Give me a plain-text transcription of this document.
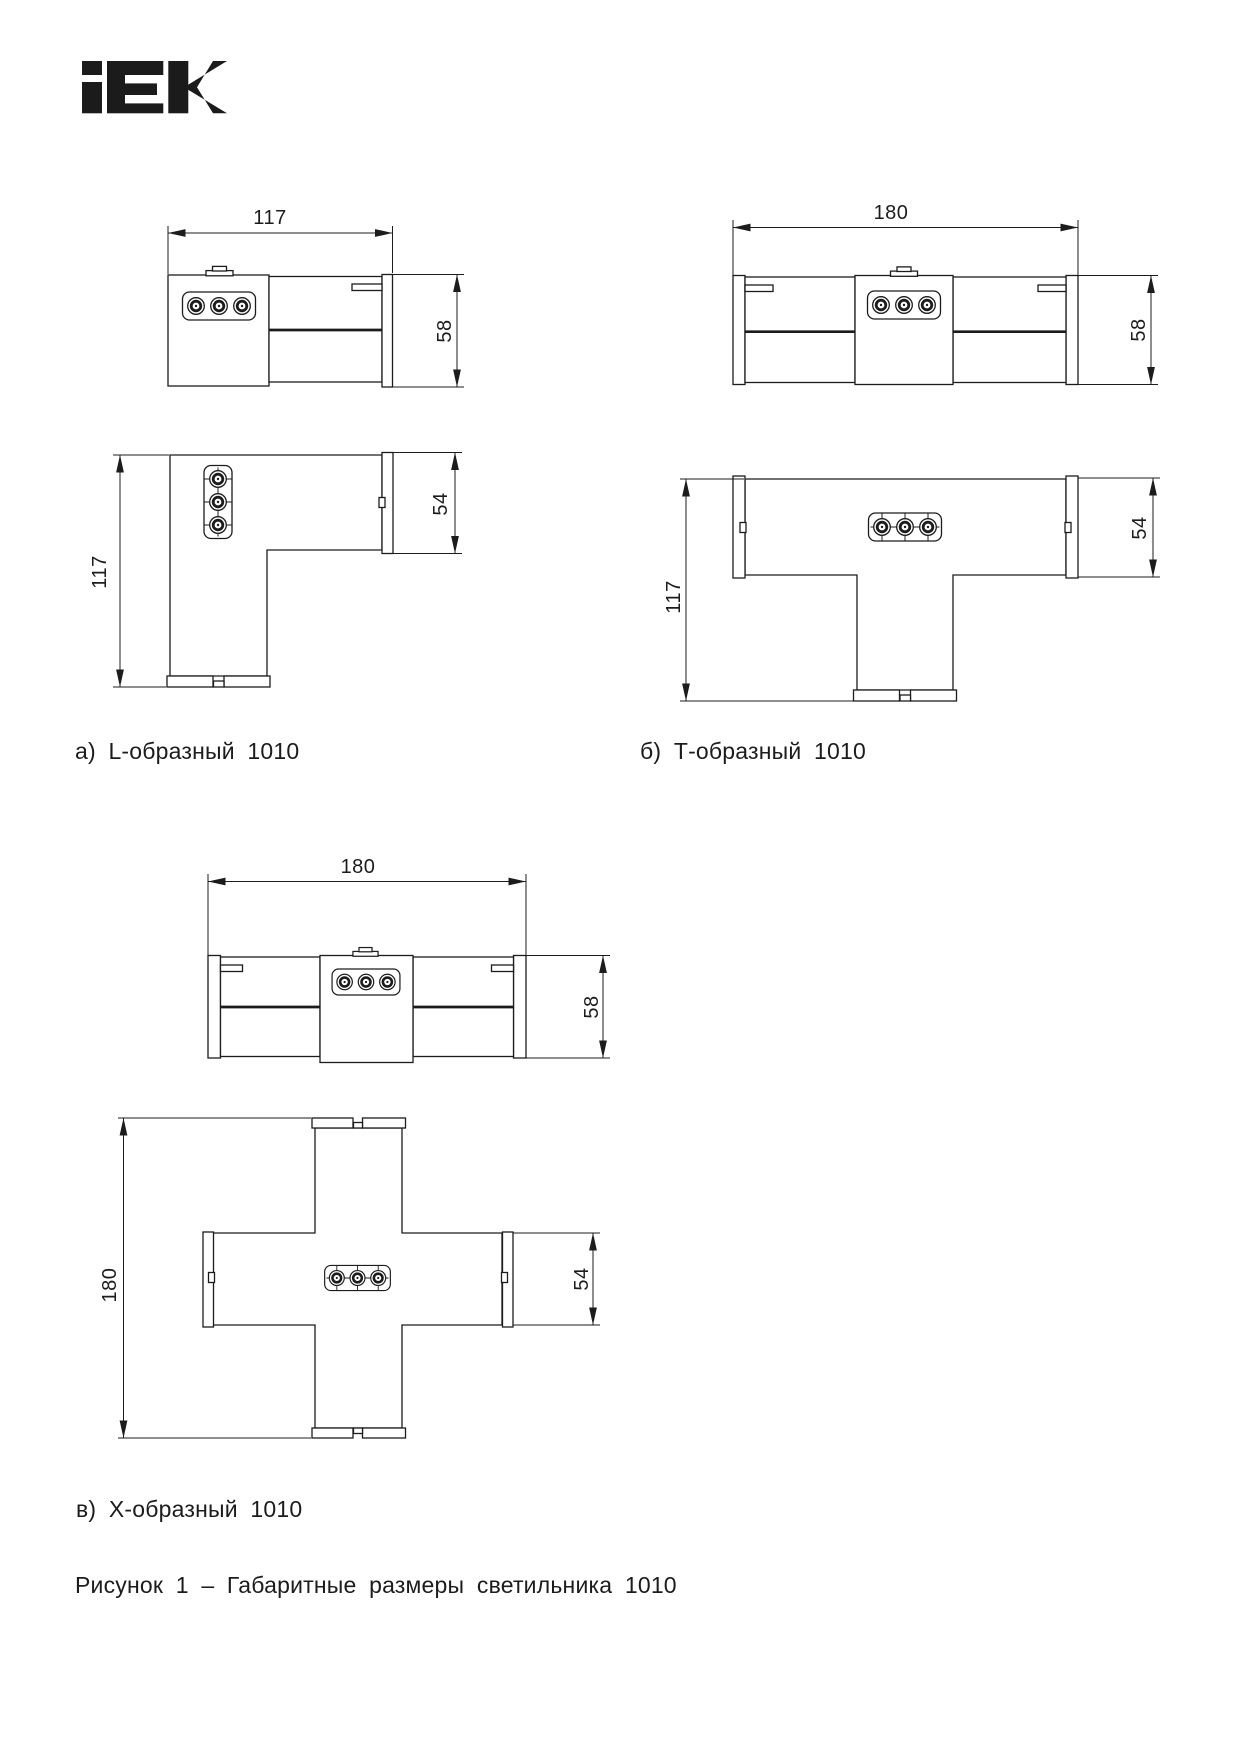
117
58
117
54
180
58
117
54
180
58
180	54
а) L-образный 1010	б) Т-образный 1010
в) Х-образный 1010
Рисунок 1 – Габаритные размеры светильника 1010
